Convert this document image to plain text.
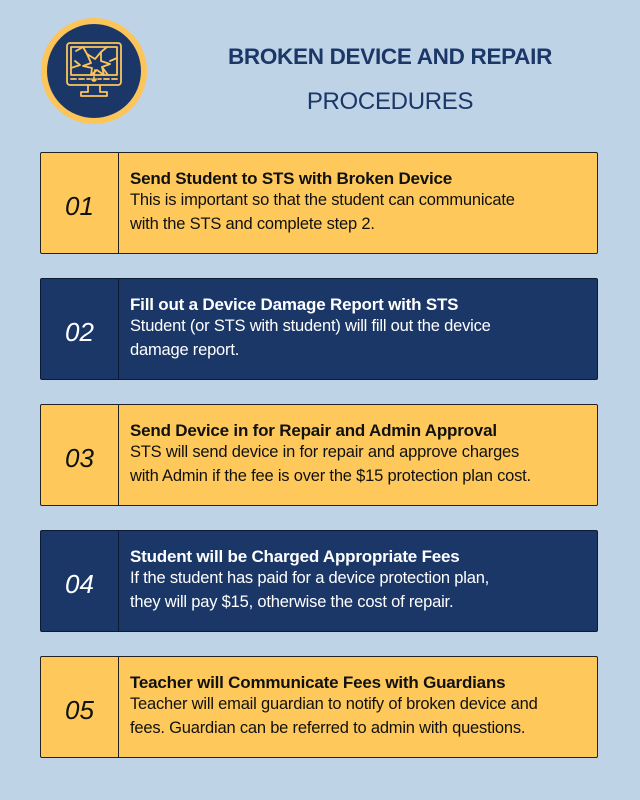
BROKEN DEVICE AND REPAIR
PROCEDURES
01
Send Student to STS with Broken Device
This is important so that the student can communicate
with the STS and complete step 2.
02
Fill out a Device Damage Report with STS
Student (or STS with student) will fill out the device
damage report.
03
Send Device in for Repair and Admin Approval
STS will send device in for repair and approve charges
with Admin if the fee is over the $15 protection plan cost.
04
Student will be Charged Appropriate Fees
If the student has paid for a device protection plan,
they will pay $15, otherwise the cost of repair.
05
Teacher will Communicate Fees with Guardians
Teacher will email guardian to notify of broken device and
fees. Guardian can be referred to admin with questions.
